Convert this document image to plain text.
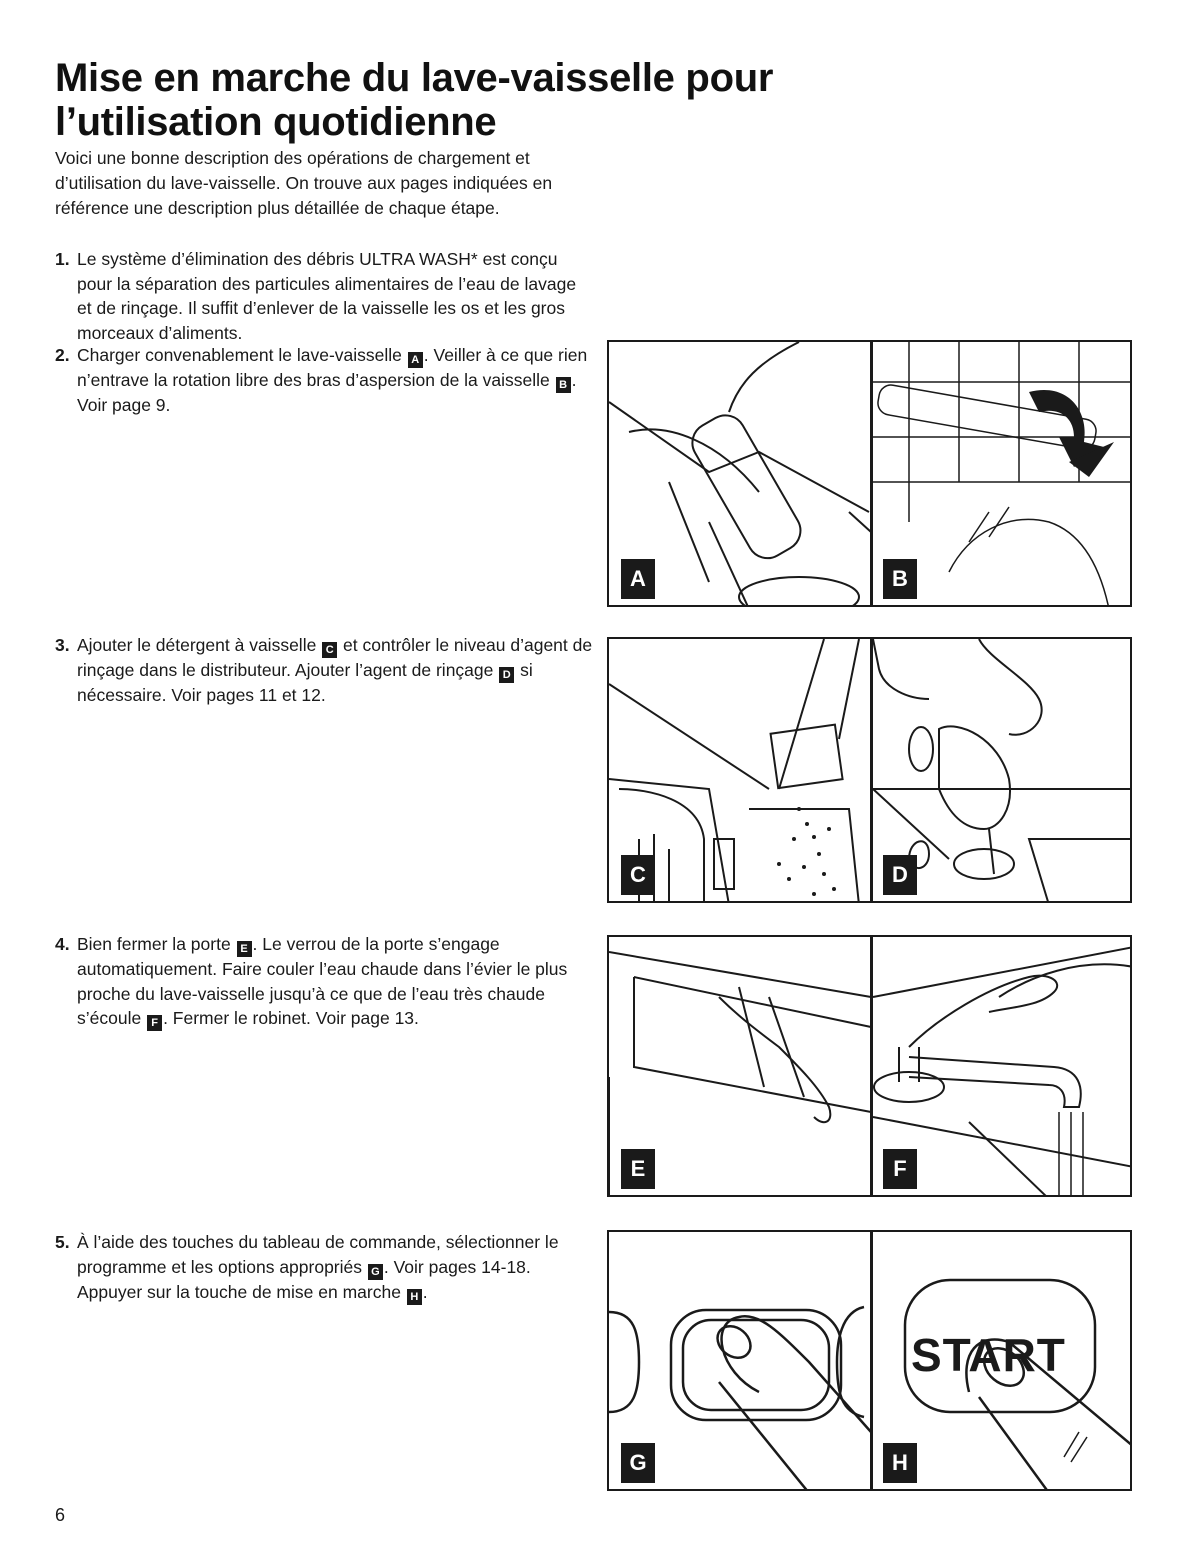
Mise en marche du lave-vaisselle pour
l’utilisation quotidienne

Voici une bonne description des opérations de chargement et d’utilisation du lave-vaisselle. On trouve aux pages indiquées en référence une description plus détaillée de chaque étape.

1. Le système d’élimination des débris ULTRA WASH* est conçu pour la séparation des particules alimentaires de l’eau de lavage et de rinçage. Il suffit d’enlever de la vaisselle les os et les gros morceaux d’aliments.
2. Charger convenablement le lave-vaisselle A . Veiller à ce que rien n’entrave la rotation libre des bras d’aspersion de la vaisselle B . Voir page 9.
3. Ajouter le détergent à vaisselle C et contrôler le niveau d’agent de rinçage dans le distributeur. Ajouter l’agent de rinçage D si nécessaire. Voir pages 11 et 12.
4. Bien fermer la porte E . Le verrou de la porte s’engage automatiquement. Faire couler l’eau chaude dans l’évier le plus proche du lave-vaisselle jusqu’à ce que de l’eau très chaude s’écoule F . Fermer le robinet. Voir page 13.
5. À l’aide des touches du tableau de commande, sélectionner le programme et les options appropriés G . Voir pages 14-18. Appuyer sur la touche de mise en marche H .
A	B
C	D
E	F
START
G	H
6
